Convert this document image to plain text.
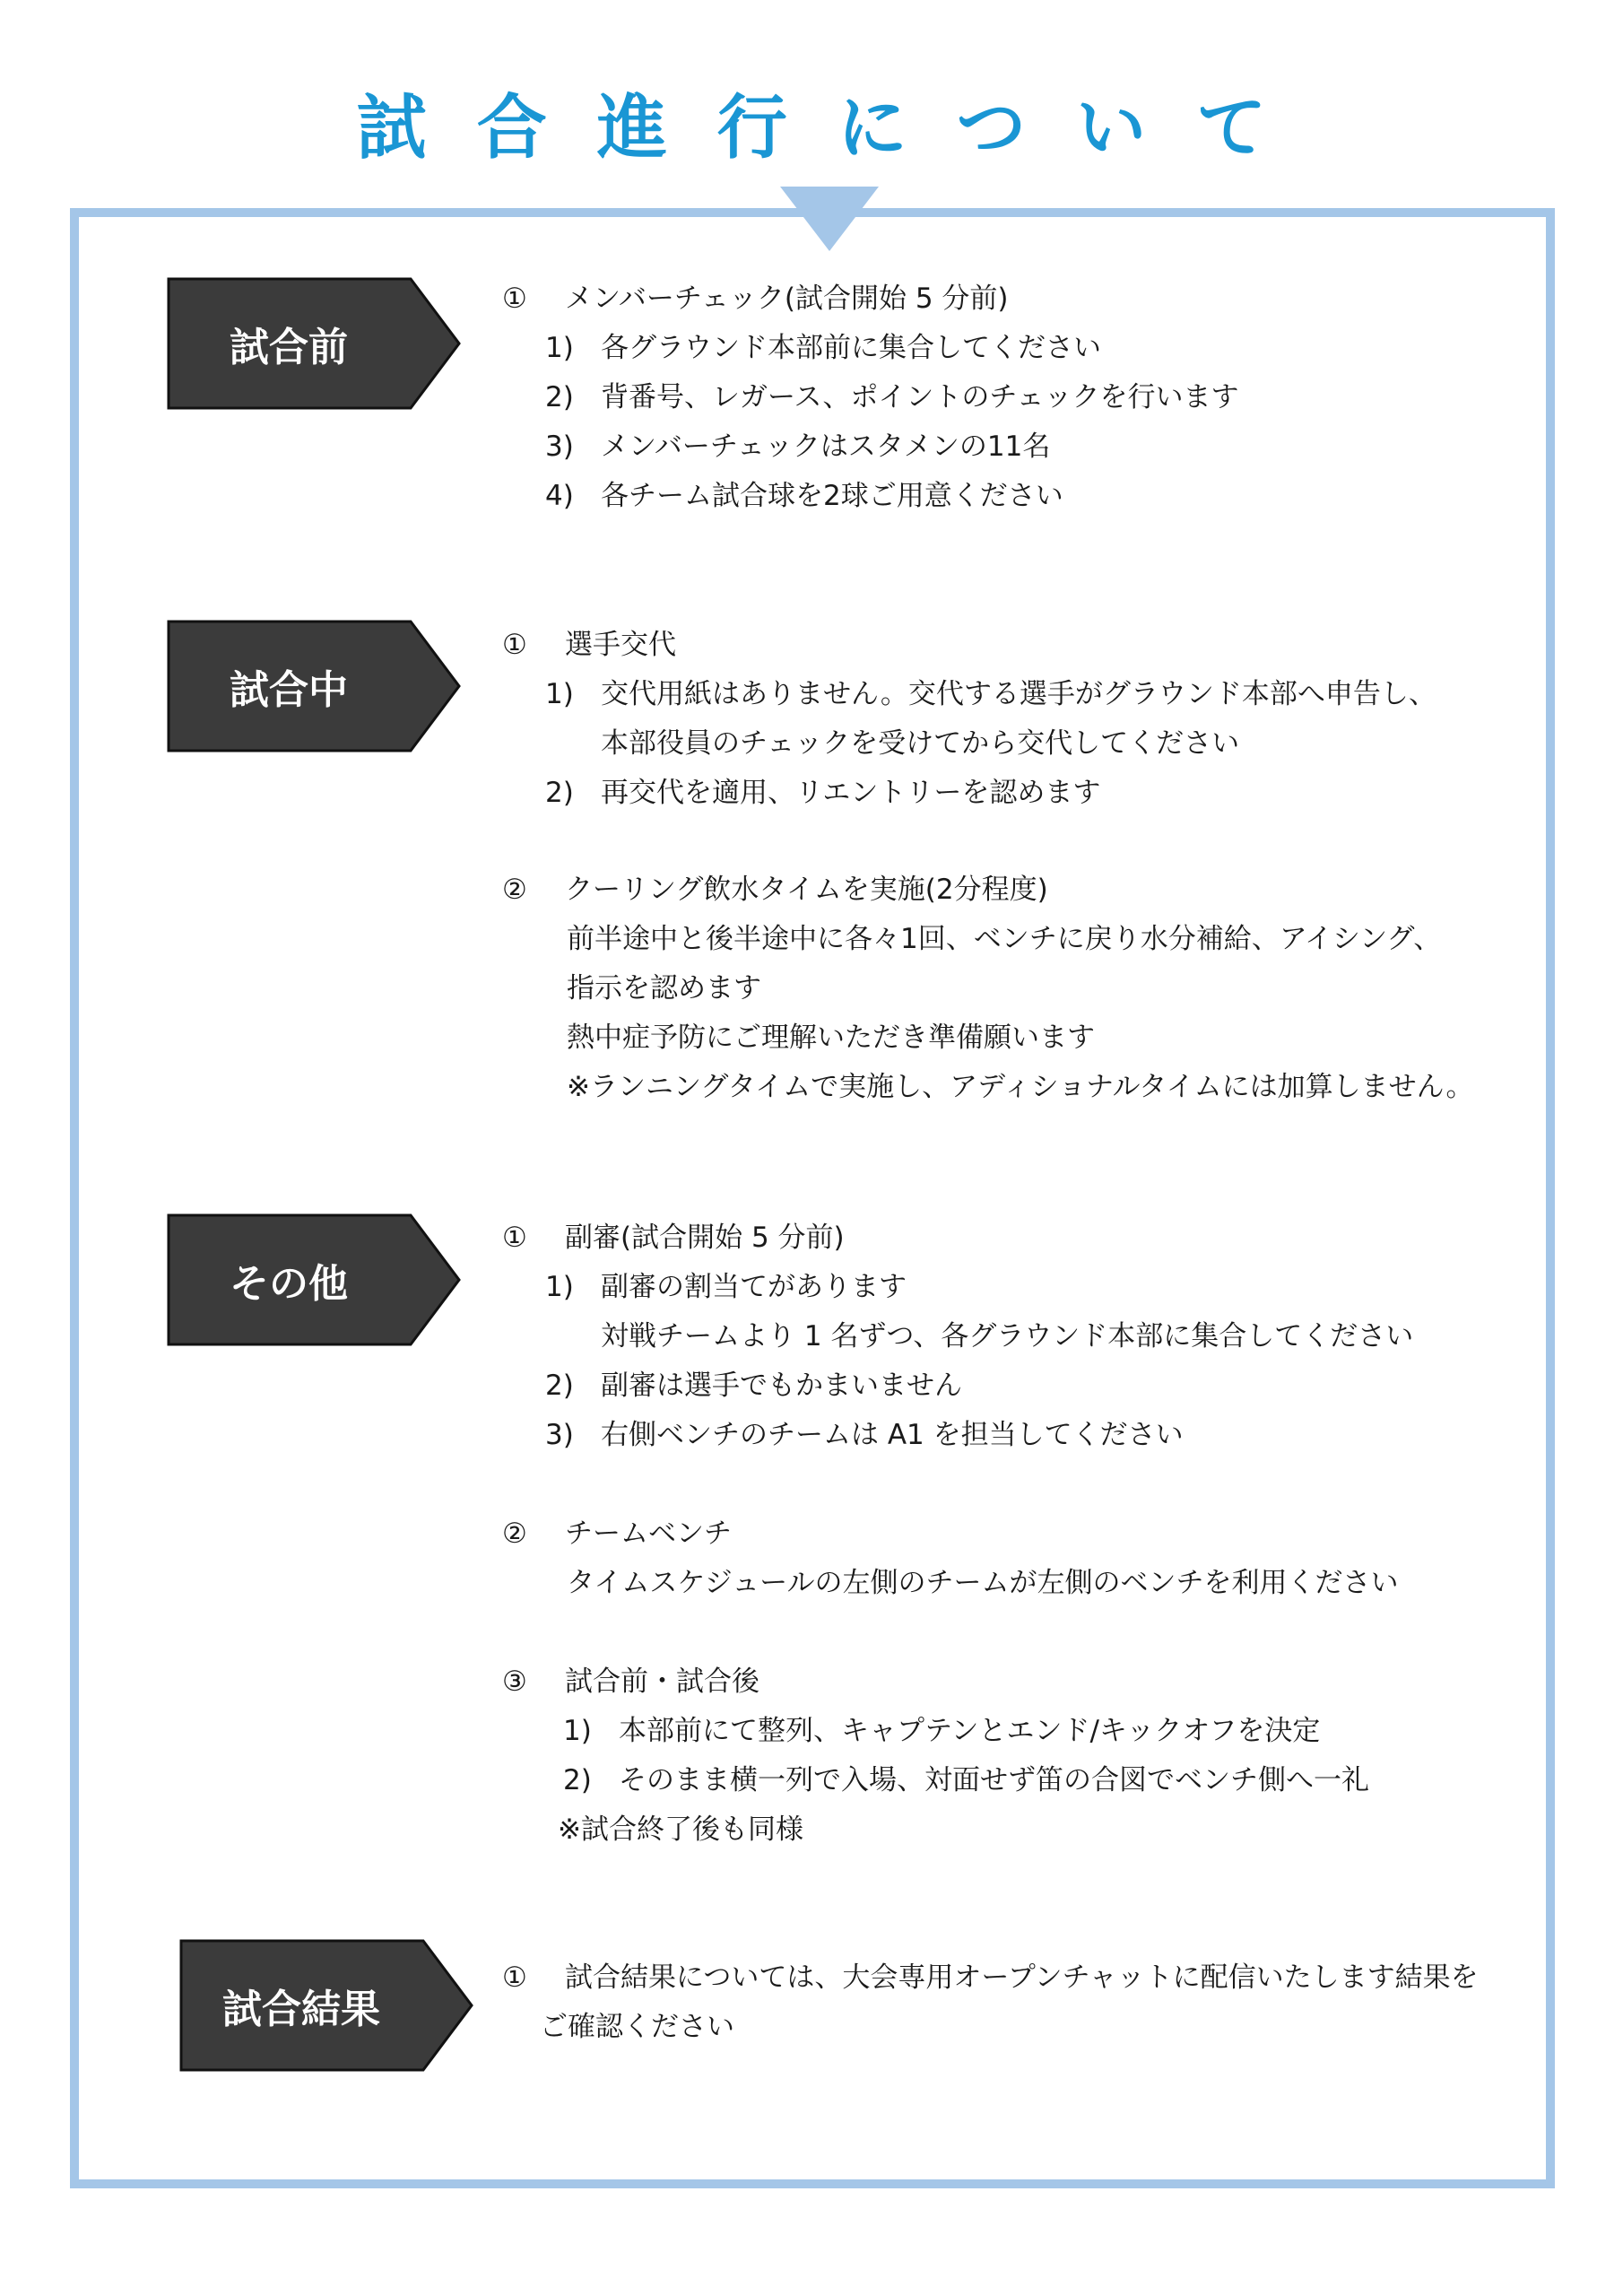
試合進行について
試合前
① メンバーチェック(試合開始 5 分前)
1) 各グラウンド本部前に集合してください
2) 背番号、レガース、ポイントのチェックを行います
3) メンバーチェックはスタメンの11名
4) 各チーム試合球を2球ご用意ください
試合中
① 選手交代
1) 交代用紙はありません。交代する選手がグラウンド本部へ申告し、
本部役員のチェックを受けてから交代してください
2) 再交代を適用、リエントリーを認めます
② クーリング飲水タイムを実施(2分程度)
前半途中と後半途中に各々1回、ベンチに戻り水分補給、アイシング、
指示を認めます
熱中症予防にご理解いただき準備願います
※ランニングタイムで実施し、アディショナルタイムには加算しません。
その他
① 副審(試合開始 5 分前)
1) 副審の割当てがあります
対戦チームより 1 名ずつ、各グラウンド本部に集合してください
2) 副審は選手でもかまいません
3) 右側ベンチのチームは A1 を担当してください
② チームベンチ
タイムスケジュールの左側のチームが左側のベンチを利用ください
③ 試合前・試合後
1) 本部前にて整列、キャプテンとエンド/キックオフを決定
2) そのまま横一列で入場、対面せず笛の合図でベンチ側へ一礼
※試合終了後も同様
試合結果
① 試合結果については、大会専用オープンチャットに配信いたします結果を
ご確認ください
